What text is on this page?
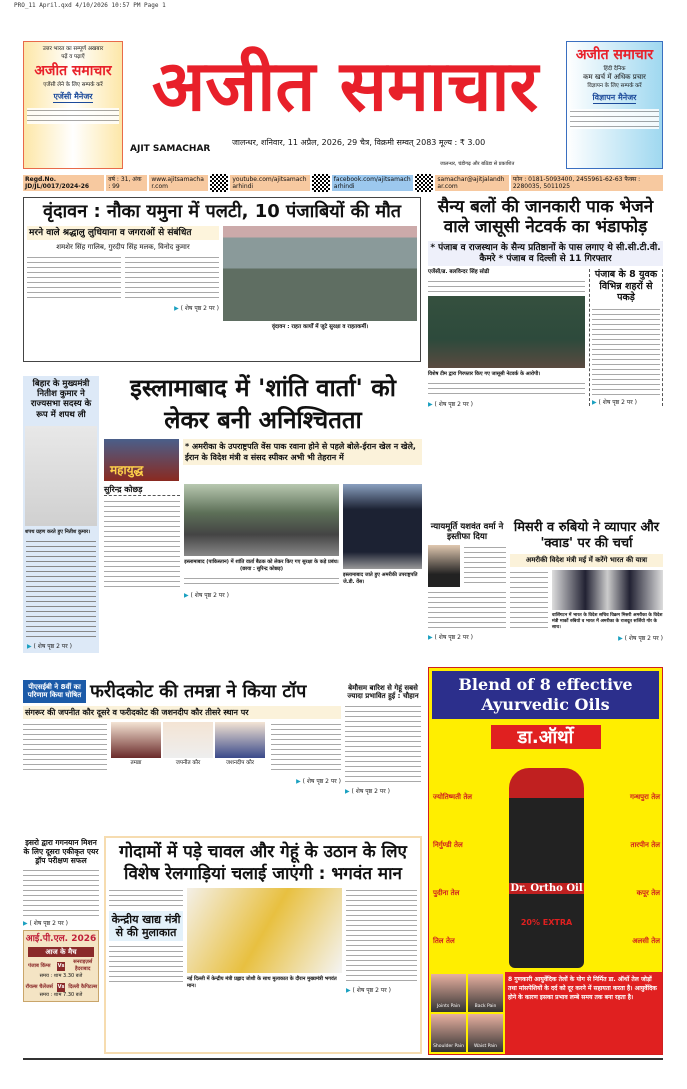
PRO_11 April.qxd 4/10/2026 10:57 PM Page 1
उत्तर भारत का सम्पूर्ण अखबार
पढ़ें व पढ़ाएँ
अजीत समाचार
एजेंसी लेने के लिए सम्पर्क करें
एजेंसी मैनेजर अजीत समाचार
AJIT SAMACHAR
जालन्धर, शनिवार, 11 अप्रैल, 2026, 29 चैत्र, विक्रमी सम्वत् 2083 मूल्य : ₹ 3.00
जालन्धर, चंडीगढ़ और बठिंडा से प्रकाशित
अजीत समाचार
हिंदी दैनिक
कम खर्च में अधिक प्रचार
विज्ञापन के लिए सम्पर्क करें
विज्ञापन मैनेजर
Regd.No. JD/JL/0017/2024-26
वर्ष : 31, अंक : 99
www.ajitsamachar.com
youtube.com/ajitsamacharhindi
facebook.com/ajitsamacharhindi
samachar@ajitjalandhar.com
फोन : 0181-5093400, 2455961-62-63 फैक्स : 2280035, 5011025
वृंदावन : नौका यमुना में पलटी, 10 पंजाबियों की मौत
मरने वाले श्रद्धालु लुधियाना व जगराओं से संबंधित
शमशेर सिंह गालिब, गुरदीप सिंह मलक, विनोद कुमार
▶ ( शेष पृष्ठ 2 पर )
वृंदावन : राहत कार्यों में जुटे सुरक्षा व राहतकर्मी।
सैन्य बलों की जानकारी पाक भेजने वाले जासूसी नेटवर्क का भंडाफोड़
* पंजाब व राजस्थान के सैन्य प्रतिष्ठानों के पास लगाए थे सी.सी.टी.वी. कैमरे * पंजाब व दिल्ली से 11 गिरफ्तार
एजेंसी/ब्र. बलविन्दर सिंह सोढी
विशेष टीम द्वारा गिरफ्तार किए गए जासूसी नेटवर्क के आरोपी।
▶ ( शेष पृष्ठ 2 पर )
पंजाब के 8 युवक विभिन्न शहरों से पकड़े
▶ ( शेष पृष्ठ 2 पर )
बिहार के मुख्यमंत्री नितीश कुमार ने राज्यसभा सदस्य के रूप में शपथ ली
शपथ ग्रहण करते हुए नितीश कुमार।
▶ ( शेष पृष्ठ 2 पर )
इस्लामाबाद में 'शांति वार्ता' को लेकर बनी अनिश्चितता
महायुद्ध
* अमरीका के उपराष्ट्रपति वेंस पाक रवाना होने से पहले बोले-ईरान खेल न खेले, ईरान के विदेश मंत्री व संसद स्पीकर अभी भी तेहरान में
सुरिन्द्र कोछड़
इस्लामाबाद (पाकिस्तान) में शांति वार्ता बैठक को लेकर किए गए सुरक्षा के कड़े प्रबंध। (छाया : सुरिन्द्र कोछड़)
▶ ( शेष पृष्ठ 2 पर )
इस्लामाबाद जाते हुए अमरीकी उपराष्ट्रपति जे.डी. वेंस।
न्यायमूर्ति यशवंत वर्मा ने इस्तीफा दिया
▶ ( शेष पृष्ठ 2 पर )
मिसरी व रुबियो ने व्यापार और 'क्वाड' पर की चर्चा
अमरीकी विदेश मंत्री मई में करेंगे भारत की यात्रा
वाशिंगटन में भारत के विदेश सचिव विक्रम मिसरी अमरीका के विदेश मंत्री मार्को रुबियो व भारत में अमरीका के राजदूत सर्जियो गोर के साथ।
▶ ( शेष पृष्ठ 2 पर )
पीएसईबी ने 8वीं का परिणाम किया घोषित फरीदकोट की तमन्ना ने किया टॉप
संगरूर की जपनीत कौर दूसरे व फरीदकोट की जशनदीप कौर तीसरे स्थान पर
तमन्ना	जपनीत कौर	जशनदीप कौर
▶ ( शेष पृष्ठ 2 पर )
बेमौसम बारिश से गेहूं सबसे ज्यादा प्रभावित हुई : चौहान
▶ ( शेष पृष्ठ 2 पर )
इसरो द्वारा गगनयान मिशन के लिए दूसरा एकीकृत एयर ड्रॉप परीक्षण सफल
▶ ( शेष पृष्ठ 2 पर )
आई.पी.एल. 2026
आज के मैच
पंजाब किंग्स	Vs
सनराइज़र्स हैदराबाद
समय : शाम 3.30 बजे
रॉयल्स चैलेंजर्स Vs दिल्ली कैपिटल्स
समय : शाम 7.30 बजे
गोदामों में पड़े चावल और गेहूं के उठान के लिए विशेष रेलगाड़ियां चलाई जाएंगी : भगवंत मान
केन्द्रीय खाद्य मंत्री से की मुलाकात
नई दिल्ली में केन्द्रीय मंत्री प्रह्लाद जोशी के साथ मुलाकात के दौरान मुख्यमंत्री भगवंत मान।
▶ ( शेष पृष्ठ 2 पर )
Blend of 8 effective Ayurvedic Oils
डा.ऑर्थो
Dr. Ortho Oil
20% EXTRA
ज्योतिष्मती तेल
निर्गुण्डी तेल
पुदीना तेल
तिल तेल
गन्धपुरा तेल
तारपीन तेल
कपूर तेल
अलसी तेल
Joints Pain	Back Pain
Shoulder Pain	Waist Pain
8 गुणकारी आयुर्वेदिक तेलों के योग से निर्मित डा. ऑर्थो तेल जोड़ों तथा मांसपेशियों के दर्द को दूर करने में सहायता करता है। आयुर्वेदिक होने के कारण इसका प्रभाव लम्बे समय तक बना रहता है।
